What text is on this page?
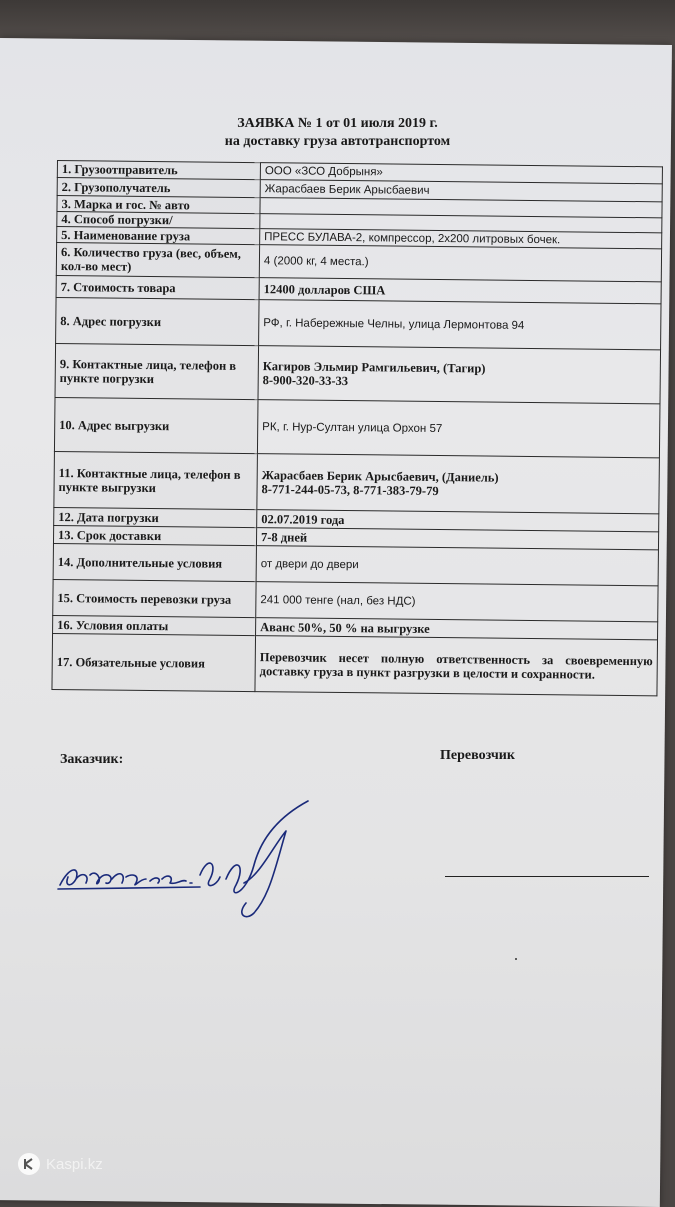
ЗАЯВКА № 1 от 01 июля 2019 г.
на доставку груза автотранспортом
1. Грузоотправитель	ООО «ЗСО Добрыня»
2. Грузополучатель	Жарасбаев Берик Арысбаевич
3. Марка и гос. № авто	
4. Способ погрузки/	
5. Наименование груза	ПРЕСС БУЛАВА-2, компрессор, 2х200 литровых бочек.
6. Количество груза (вес, объем, кол-во мест)	4 (2000 кг, 4 места.)
7. Стоимость товара	12400 долларов США
8. Адрес погрузки	РФ, г. Набережные Челны, улица Лермонтова 94
9. Контактные лица, телефон в пункте погрузки	Кагиров Эльмир Рамгильевич, (Тагир)
8-900-320-33-33
10. Адрес выгрузки	РК, г. Нур-Султан улица Орхон 57
11. Контактные лица, телефон в пункте выгрузки	Жарасбаев Берик Арысбаевич, (Даниель)
8-771-244-05-73, 8-771-383-79-79
12. Дата погрузки	02.07.2019 года
13. Срок доставки	7-8 дней
14. Дополнительные условия	от двери до двери
15. Стоимость перевозки груза	241 000 тенге (нал, без НДС)
16. Условия оплаты	Аванс 50%, 50 % на выгрузке
17. Обязательные условия	Перевозчик несет полную ответственность за своевременную доставку груза в пункт разгрузки в целости и сохранности.
Заказчик:	Перевозчик
Kaspi.kz
